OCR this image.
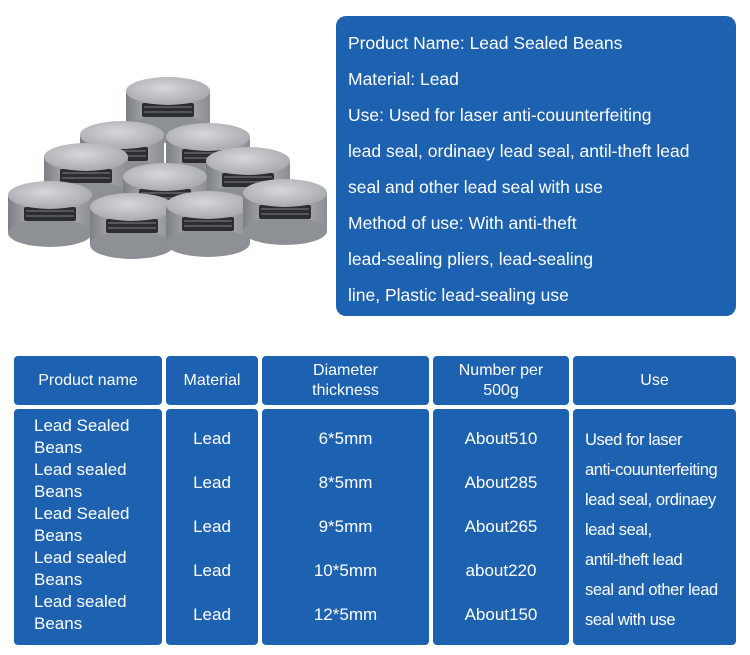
Product Name: Lead Sealed Beans
Material: Lead
Use: Used for laser anti-couunterfeiting
lead seal, ordinaey lead seal, antil-theft lead
seal and other lead seal with use
Method of use: With anti-theft
lead-sealing pliers, lead-sealing
line, Plastic lead-sealing use
Product name	Material
Diameter
thickness
Number per
500g
Use
Lead Sealed
Beans
Lead sealed
Beans
Lead Sealed
Beans
Lead sealed
Beans
Lead sealed
Beans
Lead
Lead
Lead
Lead
Lead
6*5mm
8*5mm
9*5mm
10*5mm
12*5mm
About510
About285
About265
about220
About150
Used for laser
anti-couunterfeiting
lead seal, ordinaey
lead seal,
antil-theft lead
seal and other lead
seal with use
